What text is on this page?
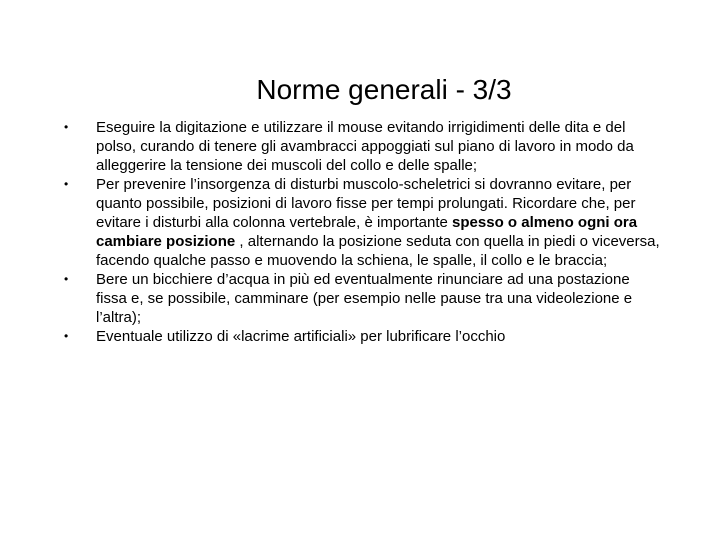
Norme generali - 3/3
• Eseguire la digitazione e utilizzare il mouse evitando irrigidimenti delle dita e del polso, curando di tenere gli avambracci appoggiati sul piano di lavoro in modo da alleggerire la tensione dei muscoli del collo e delle spalle;
• Per prevenire l’insorgenza di disturbi muscolo-scheletrici si dovranno evitare, per quanto possibile, posizioni di lavoro fisse per tempi prolungati. Ricordare che, per evitare i disturbi alla colonna vertebrale, è importante spesso o almeno ogni ora cambiare posizione , alternando la posizione seduta con quella in piedi o viceversa, facendo qualche passo e muovendo la schiena, le spalle, il collo e le braccia;
• Bere un bicchiere d’acqua in più ed eventualmente rinunciare ad una postazione fissa e, se possibile, camminare (per esempio nelle pause tra una videolezione e l’altra);
• Eventuale utilizzo di «lacrime artificiali» per lubrificare l’occhio
